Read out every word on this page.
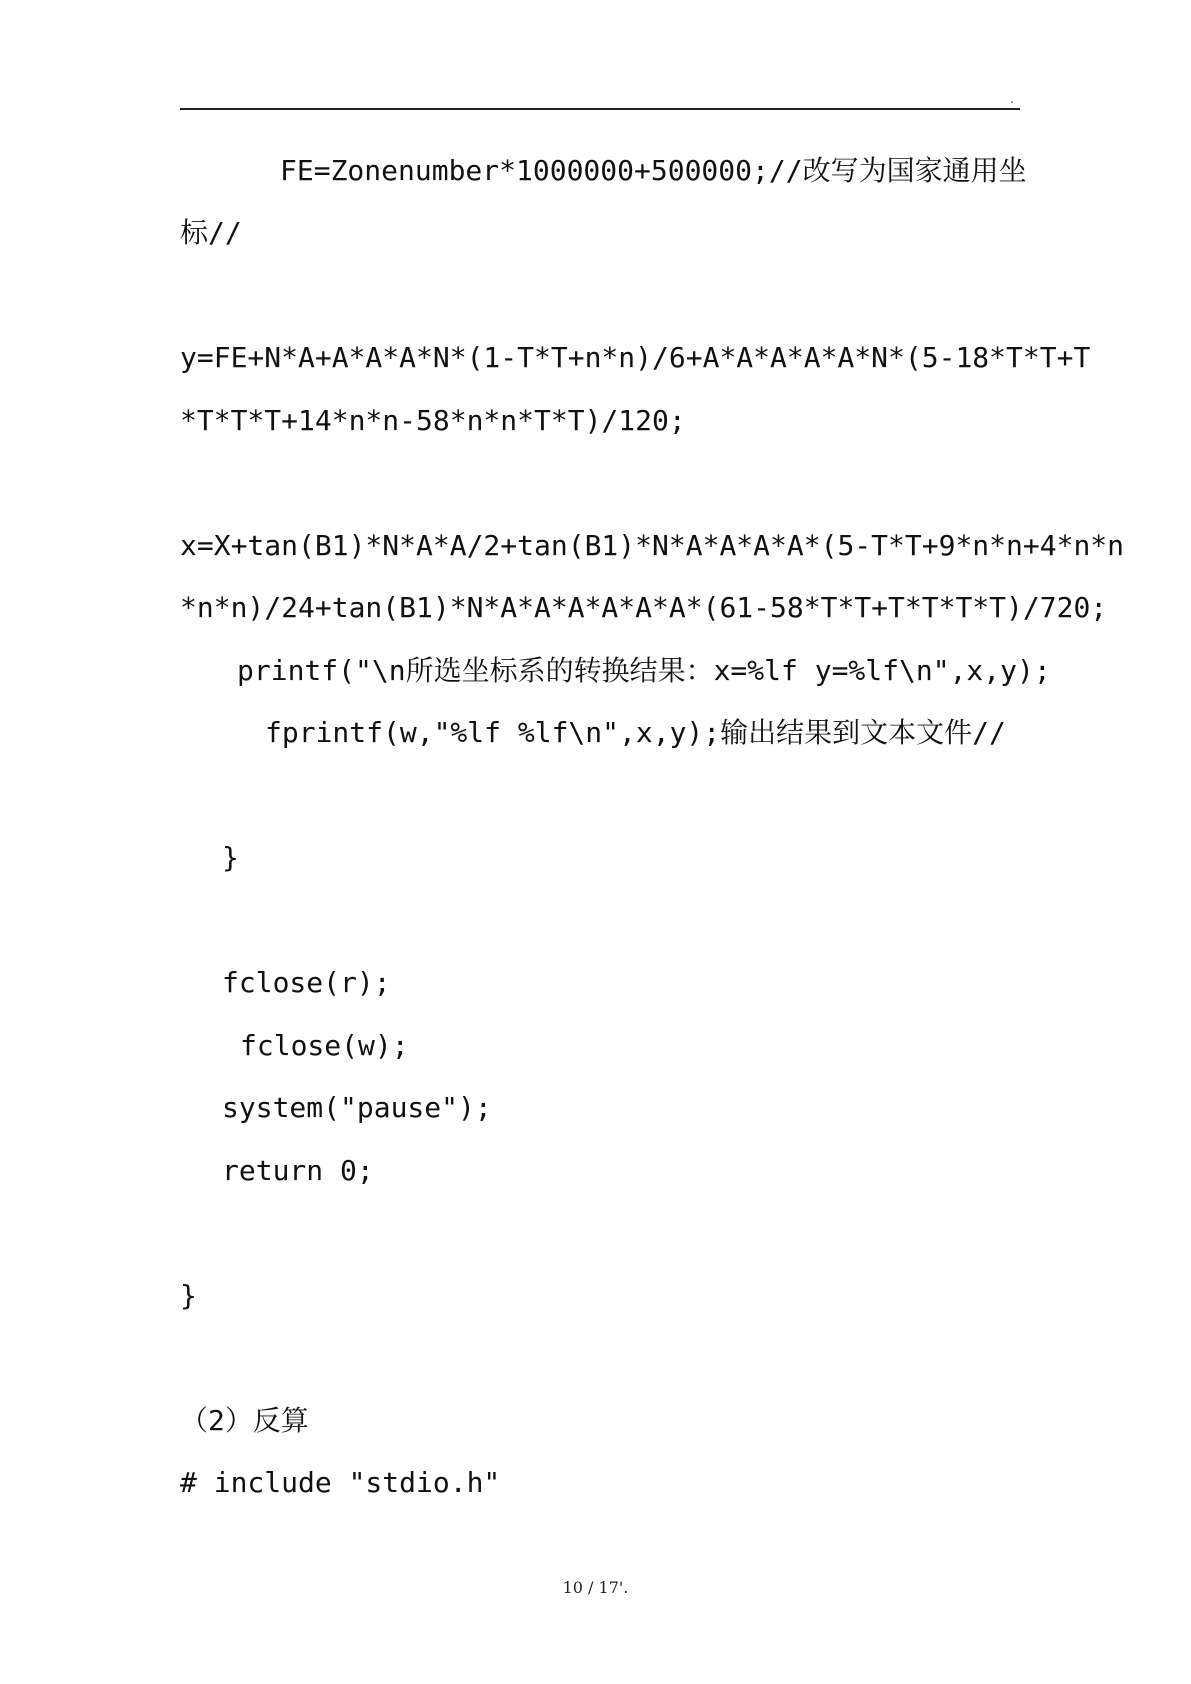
.
FE=Zonenumber*1000000+500000;//改写为国家通用坐
标//
y=FE+N*A+A*A*A*N*(1-T*T+n*n)/6+A*A*A*A*A*N*(5-18*T*T+T
*T*T*T+14*n*n-58*n*n*T*T)/120;
x=X+tan(B1)*N*A*A/2+tan(B1)*N*A*A*A*A*(5-T*T+9*n*n+4*n*n
*n*n)/24+tan(B1)*N*A*A*A*A*A*A*(61-58*T*T+T*T*T*T)/720;
printf("\n所选坐标系的转换结果：x=%lf y=%lf\n",x,y);
fprintf(w,"%lf %lf\n",x,y);输出结果到文本文件//
}
fclose(r);
fclose(w);
system("pause");
return 0;
}
（2）反算
# include "stdio.h"
10 / 17'.
